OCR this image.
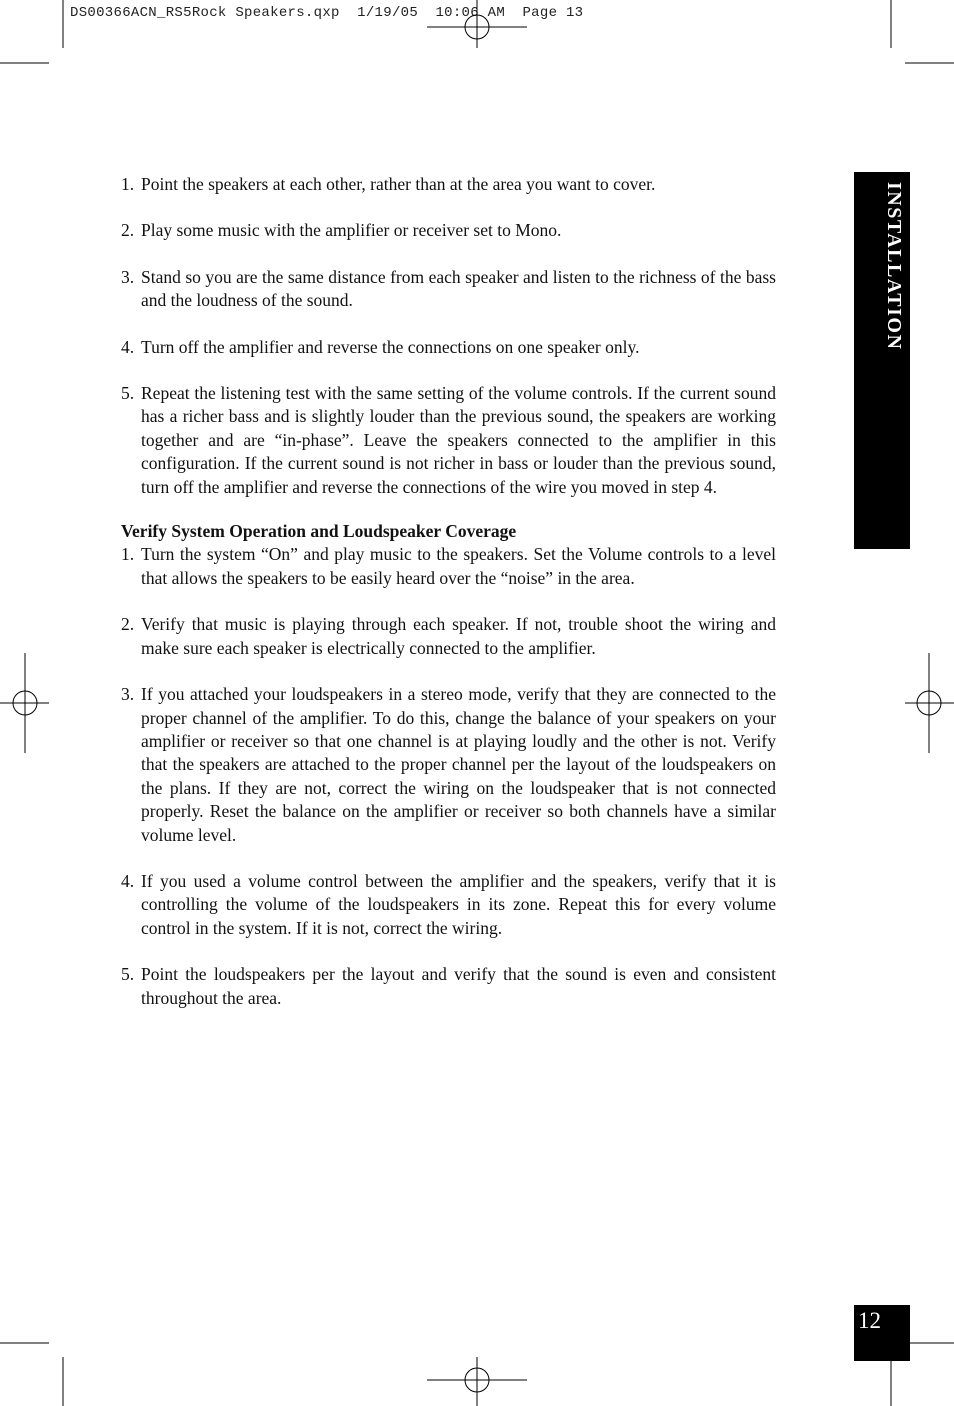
DS00366ACN_RS5Rock Speakers.qxp  1/19/05  10:06 AM  Page 13
INSTALLATION
1. Point the speakers at each other, rather than at the area you want to cover.
2. Play some music with the amplifier or receiver set to Mono.
3. Stand so you are the same distance from each speaker and listen to the richness of the bass and the loudness of the sound.
4. Turn off the amplifier and reverse the connections on one speaker only.
5. Repeat the listening test with the same setting of the volume controls. If the current sound has a richer bass and is slightly louder than the previous sound, the speakers are working together and are “in-phase”. Leave the speakers connected to the amplifier in this configuration. If the current sound is not richer in bass or louder than the previous sound, turn off the amplifier and reverse the connections of the wire you moved in step 4.
Verify System Operation and Loudspeaker Coverage
1. Turn the system “On” and play music to the speakers. Set the Volume controls to a level that allows the speakers to be easily heard over the “noise” in the area.
2. Verify that music is playing through each speaker. If not, trouble shoot the wiring and make sure each speaker is electrically connected to the amplifier.
3. If you attached your loudspeakers in a stereo mode, verify that they are connected to the proper channel of the amplifier. To do this, change the balance of your speakers on your amplifier or receiver so that one channel is at playing loudly and the other is not. Verify that the speakers are attached to the proper channel per the layout of the loudspeakers on the plans. If they are not, correct the wiring on the loudspeaker that is not connected properly. Reset the balance on the amplifier or receiver so both channels have a similar volume level.
4. If you used a volume control between the amplifier and the speakers, verify that it is controlling the volume of the loudspeakers in its zone. Repeat this for every volume control in the system. If it is not, correct the wiring.
5. Point the loudspeakers per the layout and verify that the sound is even and consistent throughout the area.
12
